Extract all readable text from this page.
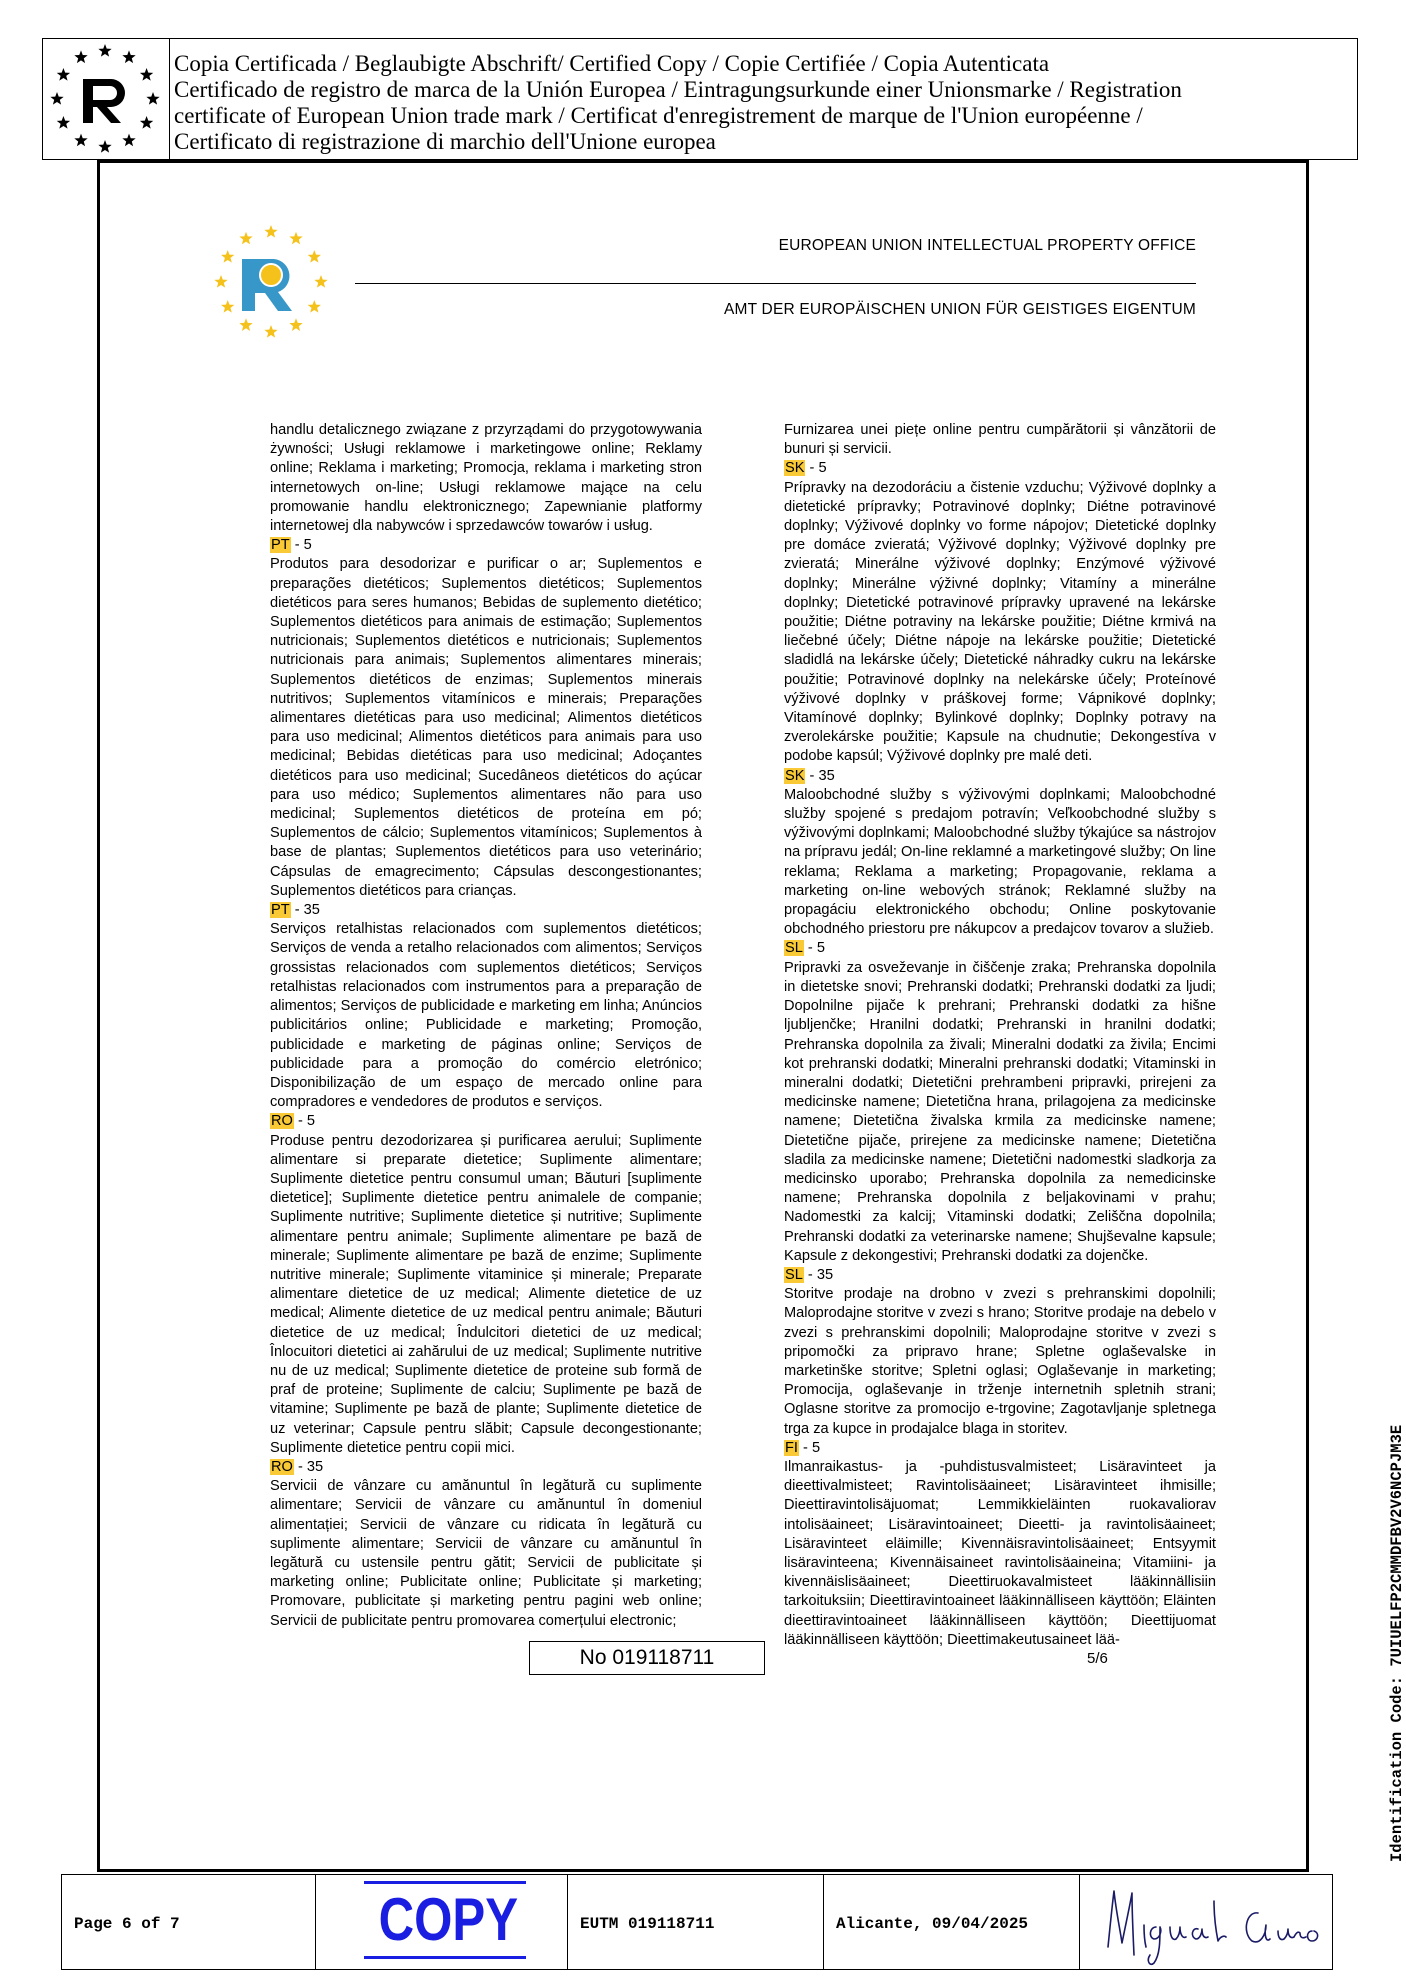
Copia Certificada / Beglaubigte Abschrift/ Certified Copy / Copie Certifiée / Copia Autenticata
Certificado de registro de marca de la Unión Europea / Eintragungsurkunde einer Unionsmarke / Registration
certificate of European Union trade mark / Certificat d'enregistrement de marque de l'Union européenne /
Certificato di registrazione di marchio dell'Unione europea
EUROPEAN UNION INTELLECTUAL PROPERTY OFFICE
AMT DER EUROPÄISCHEN UNION FÜR GEISTIGES EIGENTUM
handlu detalicznego związane z przyrządami do przygotowywania żywności; Usługi reklamowe i marketingowe online; Reklamy online; Reklama i marketing; Promocja, reklama i marketing stron internetowych on-line; Usługi reklamowe mające na celu promowanie handlu elektronicznego; Zapewnianie platformy internetowej dla nabywców i sprzedawców towarów i usług.
PT - 5
Produtos para desodorizar e purificar o ar; Suplementos e preparações dietéticos; Suplementos dietéticos; Suplementos dietéticos para seres humanos; Bebidas de suplemento dietético; Suplementos dietéticos para animais de estimação; Suplementos nutricionais; Suplementos dietéticos e nutricionais; Suplementos nutricionais para animais; Suplementos alimentares minerais; Suplementos dietéticos de enzimas; Suplementos minerais nutritivos; Suplementos vitamínicos e minerais; Preparações alimentares dietéticas para uso medicinal; Alimentos dietéticos para uso medicinal; Alimentos dietéticos para animais para uso medicinal; Bebidas dietéticas para uso medicinal; Adoçantes dietéticos para uso medicinal; Sucedâneos dietéticos do açúcar para uso médico; Suplementos alimentares não para uso medicinal; Suplementos dietéticos de proteína em pó; Suplementos de cálcio; Suplementos vitamínicos; Suplementos à base de plantas; Suplementos dietéticos para uso veterinário; Cápsulas de emagrecimento; Cápsulas descongestionantes; Suplementos dietéticos para crianças.
PT - 35
Serviços retalhistas relacionados com suplementos dietéticos; Serviços de venda a retalho relacionados com alimentos; Serviços grossistas relacionados com suplementos dietéticos; Serviços retalhistas relacionados com instrumentos para a preparação de alimentos; Serviços de publicidade e marketing em linha; Anúncios publicitários online; Publicidade e marketing; Promoção, publicidade e marketing de páginas online; Serviços de publicidade para a promoção do comércio eletrónico; Disponibilização de um espaço de mercado online para compradores e vendedores de produtos e serviços.
RO - 5
Produse pentru dezodorizarea și purificarea aerului; Suplimente alimentare si preparate dietetice; Suplimente alimentare; Suplimente dietetice pentru consumul uman; Băuturi [suplimente dietetice]; Suplimente dietetice pentru animalele de companie; Suplimente nutritive; Suplimente dietetice și nutritive; Suplimente alimentare pentru animale; Suplimente alimentare pe bază de minerale; Suplimente alimentare pe bază de enzime; Suplimente nutritive minerale; Suplimente vitaminice și minerale; Preparate alimentare dietetice de uz medical; Alimente dietetice de uz medical; Alimente dietetice de uz medical pentru animale; Băuturi dietetice de uz medical; Îndulcitori dietetici de uz medical; Înlocuitori dietetici ai zahărului de uz medical; Suplimente nutritive nu de uz medical; Suplimente dietetice de proteine sub formă de praf de proteine; Suplimente de calciu; Suplimente pe bază de vitamine; Suplimente pe bază de plante; Suplimente dietetice de uz veterinar; Capsule pentru slăbit; Capsule decongestionante; Suplimente dietetice pentru copii mici.
RO - 35
Servicii de vânzare cu amănuntul în legătură cu suplimente alimentare; Servicii de vânzare cu amănuntul în domeniul alimentației; Servicii de vânzare cu ridicata în legătură cu suplimente alimentare; Servicii de vânzare cu amănuntul în legătură cu ustensile pentru gătit; Servicii de publicitate și marketing online; Publicitate online; Publicitate și marketing; Promovare, publicitate și marketing pentru pagini web online; Servicii de publicitate pentru promovarea comerțului electronic;
Furnizarea unei piețe online pentru cumpărătorii și vânzătorii de bunuri și servicii.
SK - 5
Prípravky na dezodoráciu a čistenie vzduchu; Výživové doplnky a dietetické prípravky; Potravinové doplnky; Diétne potravinové doplnky; Výživové doplnky vo forme nápojov; Dietetické doplnky pre domáce zvieratá; Výživové doplnky; Výživové doplnky pre zvieratá; Minerálne výživové doplnky; Enzýmové výživové doplnky; Minerálne výživné doplnky; Vitamíny a minerálne doplnky; Dietetické potravinové prípravky upravené na lekárske použitie; Diétne potraviny na lekárske použitie; Diétne krmivá na liečebné účely; Diétne nápoje na lekárske použitie; Dietetické sladidlá na lekárske účely; Dietetické náhradky cukru na lekárske použitie; Potravinové doplnky na nelekárske účely; Proteínové výživové doplnky v práškovej forme; Vápnikové doplnky; Vitamínové doplnky; Bylinkové doplnky; Doplnky potravy na zverolekárske použitie; Kapsule na chudnutie; Dekongestíva v podobe kapsúl; Výživové doplnky pre malé deti.
SK - 35
Maloobchodné služby s výživovými doplnkami; Maloobchodné služby spojené s predajom potravín; Veľkoobchodné služby s výživovými doplnkami; Maloobchodné služby týkajúce sa nástrojov na prípravu jedál; On-line reklamné a marketingové služby; On line reklama; Reklama a marketing; Propagovanie, reklama a marketing on-line webových stránok; Reklamné služby na propagáciu elektronického obchodu; Online poskytovanie obchodného priestoru pre nákupcov a predajcov tovarov a služieb.
SL - 5
Pripravki za osveževanje in čiščenje zraka; Prehranska dopolnila in dietetske snovi; Prehranski dodatki; Prehranski dodatki za ljudi; Dopolnilne pijače k prehrani; Prehranski dodatki za hišne ljubljenčke; Hranilni dodatki; Prehranski in hranilni dodatki; Prehranska dopolnila za živali; Mineralni dodatki za živila; Encimi kot prehranski dodatki; Mineralni prehranski dodatki; Vitaminski in mineralni dodatki; Dietetični prehrambeni pripravki, prirejeni za medicinske namene; Dietetična hrana, prilagojena za medicinske namene; Dietetična živalska krmila za medicinske namene; Dietetične pijače, prirejene za medicinske namene; Dietetična sladila za medicinske namene; Dietetični nadomestki sladkorja za medicinsko uporabo; Prehranska dopolnila za nemedicinske namene; Prehranska dopolnila z beljakovinami v prahu; Nadomestki za kalcij; Vitaminski dodatki; Zeliščna dopolnila; Prehranski dodatki za veterinarske namene; Shujševalne kapsule; Kapsule z dekongestivi; Prehranski dodatki za dojenčke.
SL - 35
Storitve prodaje na drobno v zvezi s prehranskimi dopolnili; Maloprodajne storitve v zvezi s hrano; Storitve prodaje na debelo v zvezi s prehranskimi dopolnili; Maloprodajne storitve v zvezi s pripomočki za pripravo hrane; Spletne oglaševalske in marketinške storitve; Spletni oglasi; Oglaševanje in marketing; Promocija, oglaševanje in trženje internetnih spletnih strani; Oglasne storitve za promocijo e-trgovine; Zagotavljanje spletnega trga za kupce in prodajalce blaga in storitev.
FI - 5
Ilmanraikastus- ja -puhdistusvalmisteet; Lisäravinteet ja dieettivalmisteet; Ravintolisäaineet; Lisäravinteet ihmisille; Dieettiravintolisäjuomat; Lemmikkieläinten ruokavaliorav intolisäaineet; Lisäravintoaineet; Dieetti- ja ravintolisäaineet; Lisäravinteet eläimille; Kivennäisravintolisäaineet; Entsyymit lisäravinteena; Kivennäisaineet ravintolisäaineina; Vitamiini- ja kivennäislisäaineet; Dieettiruokavalmisteet lääkinnällisiin tarkoituksiin; Dieettiravintoaineet lääkinnälliseen käyttöön; Eläinten dieettiravintoaineet lääkinnälliseen käyttöön; Dieettijuomat lääkinnälliseen käyttöön; Dieettimakeutusaineet lää-
No 019118711	5/6	Identification Code: 7UIUELFP2CMMDFBV2V6NCPJM3E
Page 6 of 7	COPY	EUTM 019118711	Alicante, 09/04/2025
